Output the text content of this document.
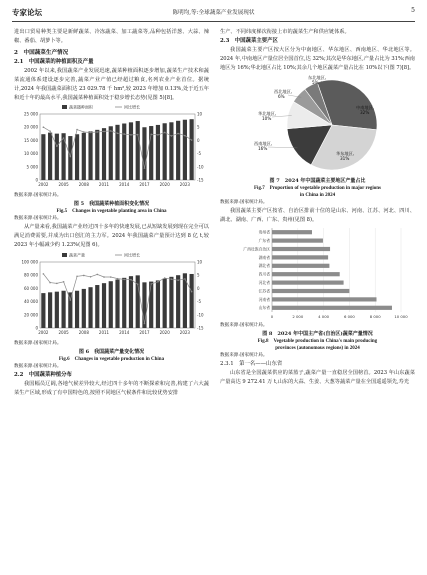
专家论坛	陈明均,等:全球蔬菜产业发展现状	5

进出口贸易种类主要是新鲜蔬菜、冷冻蔬菜、加工蔬菜等,品种包括洋葱、大蒜、辣椒、番茄、胡萝卜等。

2　中国蔬菜生产情况
2.1　中国蔬菜的种植面积及产量

2002 年以来,我国蔬菜产业发展迅速,蔬菜种植面积逐步增加,蔬菜生产技术和蔬菜流通体系建设逐步完善,蔬菜产业产值已经超过粮食,名列农业产业首位。据统计,2024 年我国蔬菜面积达 23 029.78 千 hm²,较 2023 年增加 0.13%,处于近五年和近十年的最高水平,我国蔬菜种植面积处于稳步增长态势(见图 5)[8]。

25 000
20 000
15 000
10 000
5 000
0
10
5
0
-5
-10
-15
2002	2005	2008	2011	2014	2017	2020	2023
蔬菜播种面积	同比增长
数据来源:国家统计局。
图 5　我国蔬菜种植面积变化情况
Fig.5　Changes in vegetable planting area in China
数据来源:国家统计局。

从产量来看,我国蔬菜产业经过四十多年的快速发展,已从短缺发展到现在完全可以满足消费需要,并成为出口创汇的主力军。2024 年我国蔬菜产量预计达到 8 亿 t,较 2023 年小幅减少约 1.23%(见图 6)。

100 000
80 000
60 000
40 000
20 000
0
10
5
0
-5
-10
-15
2002	2005	2008	2011	2014	2017	2020	2023
蔬菜产量	同比增长
数据来源:国家统计局。
图 6　我国蔬菜产量变化情况
Fig.6　Changes in vegetable production in China
数据来源:国家统计局。
2.2　中国蔬菜种植分布

我国幅员辽阔,各地气候差异较大,经过四十多年的不断探索和完善,构建了六大蔬菜生产区域,形成了有中国特色的,按照不同地区气候条件和比较优势安排

生产、不同纬度梯次衔接上市的蔬菜生产和供应链体系。

2.3　中国蔬菜主要产区

我国蔬菜主要产区按大区分为中南地区、华东地区、西南地区、华北地区等。2024 年,中南地区产量位居全国首位,达 32%;其次是华东地区,产量占比为 31%;西南地区为 16%;华北地区占比 10%;其余几个地区蔬菜产量占比在 10%以下(图 7)[8]。

中南地区,
32%
华东地区,
31%
西南地区,
16%
华北地区,
10%
西北地区,
6%
东北地区,
5%
图 7　2024 年中国蔬菜主要地区产量占比
Fig.7　Proportion of vegetable production in major regions
in China in 2024
数据来源:国家统计局。

我国蔬菜主要产区按省、自治区排前十位的是山东、河南、江苏、河北、四川、湖北、湖南、广西、广东、贵州(见图 8)。

0	2 000	4 000	6 000	8 000	10 000
贵州省
广东省
广西壮族自治区
湖南省
湖北省
四川省
河北省
江苏省
河南省
山东省
数据来源:国家统计局。
图 8　2024 年中国主产省(自治区)蔬菜产量情况
Fig.8　Vegetable production in China's main producing
provinces (autonomous regions) in 2024
数据来源:国家统计局。
2.3.1　第一名——山东省

山东省是全国蔬菜供应的菜篮子,蔬菜产量一直稳居全国榜首。2023 年山东蔬菜产量高达 9 272.41 万 t,山东的大蒜、生姜、大葱等蔬菜产量在全国遥遥领先,寿光
